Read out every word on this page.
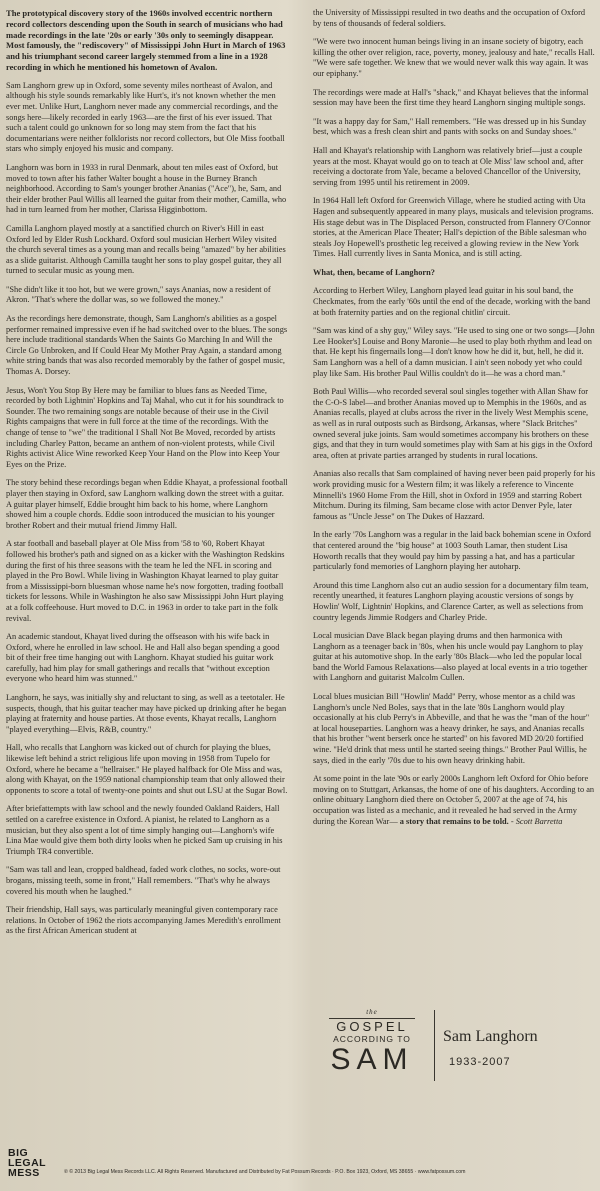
The prototypical discovery story of the 1960s involved eccentric northern record collectors descending upon the South in search of musicians who had made recordings in the late '20s or early '30s only to seemingly disappear. Most famously, the "rediscovery" of Mississippi John Hurt in March of 1963 and his triumphant second career largely stemmed from a line in a 1928 recording in which he mentioned his hometown of Avalon.

Sam Langhorn grew up in Oxford, some seventy miles northeast of Avalon, and although his style sounds remarkably like Hurt's, it's not known whether the men ever met. Unlike Hurt, Langhorn never made any commercial recordings, and the songs here—likely recorded in early 1963—are the first of his ever issued. That such a talent could go unknown for so long may stem from the fact that his documentarians were neither folklorists nor record collectors, but Ole Miss football stars who simply enjoyed his music and company.

Langhorn was born in 1933 in rural Denmark, about ten miles east of Oxford, but moved to town after his father Walter bought a house in the Burney Branch neighborhood. According to Sam's younger brother Ananias ("Ace"), he, Sam, and their elder brother Paul Willis all learned the guitar from their mother, Camilla, who had in turn learned from her mother, Clarissa Higginbottom.

Camilla Langhorn played mostly at a sanctified church on River's Hill in east Oxford led by Elder Rush Lockhard. Oxford soul musician Herbert Wiley visited the church several times as a young man and recalls being "amazed" by her abilities as a slide guitarist. Although Camilla taught her sons to play gospel guitar, they all turned to secular music as young men.

"She didn't like it too hot, but we were grown," says Ananias, now a resident of Akron. "That's where the dollar was, so we followed the money."

As the recordings here demonstrate, though, Sam Langhorn's abilities as a gospel performer remained impressive even if he had switched over to the blues. The songs here include traditional standards When the Saints Go Marching In and Will the Circle Go Unbroken, and If Could Hear My Mother Pray Again, a standard among white string bands that was also recorded memorably by the father of gospel music, Thomas A. Dorsey.

Jesus, Won't You Stop By Here may be familiar to blues fans as Needed Time, recorded by both Lightnin' Hopkins and Taj Mahal, who cut it for his soundtrack to Sounder. The two remaining songs are notable because of their use in the Civil Rights campaigns that were in full force at the time of the recordings. With the change of tense to "we" the traditional I Shall Not Be Moved, recorded by artists including Charley Patton, became an anthem of non-violent protests, while Civil Rights activist Alice Wine reworked Keep Your Hand on the Plow into Keep Your Eyes on the Prize.

The story behind these recordings began when Eddie Khayat, a professional football player then staying in Oxford, saw Langhorn walking down the street with a guitar. A guitar player himself, Eddie brought him back to his home, where Langhorn showed him a couple chords. Eddie soon introduced the musician to his younger brother Robert and their mutual friend Jimmy Hall.

A star football and baseball player at Ole Miss from '58 to '60, Robert Khayat followed his brother's path and signed on as a kicker with the Washington Redskins during the first of his three seasons with the team he led the NFL in scoring and played in the Pro Bowl. While living in Washington Khayat learned to play guitar from a Mississippi-born bluesman whose name he's now forgotten, trading football tickets for lessons. While in Washington he also saw Mississippi John Hurt playing at a folk coffeehouse. Hurt moved to D.C. in 1963 in order to take part in the folk revival.

An academic standout, Khayat lived during the offseason with his wife back in Oxford, where he enrolled in law school. He and Hall also began spending a good bit of their free time hanging out with Langhorn. Khayat studied his guitar work carefully, had him play for small gatherings and recalls that "without exception everyone who heard him was stunned."

Langhorn, he says, was initially shy and reluctant to sing, as well as a teetotaler. He suspects, though, that his guitar teacher may have picked up drinking after he began playing at fraternity and house parties. At those events, Khayat recalls, Langhorn "played everything—Elvis, R&B, country."

Hall, who recalls that Langhorn was kicked out of church for playing the blues, likewise left behind a strict religious life upon moving in 1958 from Tupelo for Oxford, where he became a "hellraiser." He played halfback for Ole Miss and was, along with Khayat, on the 1959 national championship team that only allowed their opponents to score a total of twenty-one points and shut out LSU at the Sugar Bowl.

After briefattempts with law school and the newly founded Oakland Raiders, Hall settled on a carefree existence in Oxford. A pianist, he related to Langhorn as a musician, but they also spent a lot of time simply hanging out—Langhorn's wife Lina Mae would give them both dirty looks when he picked Sam up cruising in his Triumph TR4 convertible.

"Sam was tall and lean, cropped baldhead, faded work clothes, no socks, wore-out brogans, missing teeth, some in front," Hall remembers. "That's why he always covered his mouth when he laughed."

Their friendship, Hall says, was particularly meaningful given contemporary race relations. In October of 1962 the riots accompanying James Meredith's enrollment as the first African American student at

the University of Mississippi resulted in two deaths and the occupation of Oxford by tens of thousands of federal soldiers.

"We were two innocent human beings living in an insane society of bigotry, each killing the other over religion, race, poverty, money, jealousy and hate," recalls Hall. "We were safe together. We knew that we would never walk this way again. It was our epiphany."

The recordings were made at Hall's "shack," and Khayat believes that the informal session may have been the first time they heard Langhorn singing multiple songs.

"It was a happy day for Sam," Hall remembers. "He was dressed up in his Sunday best, which was a fresh clean shirt and pants with socks on and Sunday shoes."

Hall and Khayat's relationship with Langhorn was relatively brief—just a couple years at the most. Khayat would go on to teach at Ole Miss' law school and, after receiving a doctorate from Yale, became a beloved Chancellor of the University, serving from 1995 until his retirement in 2009.

In 1964 Hall left Oxford for Greenwich Village, where he studied acting with Uta Hagen and subsequently appeared in many plays, musicals and television programs. His stage debut was in The Displaced Person, constructed from Flannery O'Connor stories, at the American Place Theater; Hall's depiction of the Bible salesman who steals Joy Hopewell's prosthetic leg received a glowing review in the New York Times. Hall currently lives in Santa Monica, and is still acting.

What, then, became of Langhorn?

According to Herbert Wiley, Langhorn played lead guitar in his soul band, the Checkmates, from the early '60s until the end of the decade, working with the band at both fraternity parties and on the regional chitlin' circuit.

"Sam was kind of a shy guy," Wiley says. "He used to sing one or two songs—[John Lee Hooker's] Louise and Bony Maronie—he used to play both rhythm and lead on that. He kept his fingernails long—I don't know how he did it, but, hell, he did it. Sam Langhorn was a hell of a damn musician. I ain't seen nobody yet who could play like Sam. His brother Paul Willis couldn't do it—he was a chord man."

Both Paul Willis—who recorded several soul singles together with Allan Shaw for the C-O-S label—and brother Ananias moved up to Memphis in the 1960s, and as Ananias recalls, played at clubs across the river in the lively West Memphis scene, as well as in rural outposts such as Birdsong, Arkansas, where "Slack Britches" owned several juke joints. Sam would sometimes accompany his brothers on these gigs, and that they in turn would sometimes play with Sam at his gigs in the Oxford area, often at private parties arranged by students in rural locations.

Ananias also recalls that Sam complained of having never been paid properly for his work providing music for a Western film; it was likely a reference to Vincente Minnelli's 1960 Home From the Hill, shot in Oxford in 1959 and starring Robert Mitchum. During its filming, Sam became close with actor Denver Pyle, later famous as "Uncle Jesse" on The Dukes of Hazzard.

In the early '70s Langhorn was a regular in the laid back bohemian scene in Oxford that centered around the "big house" at 1003 South Lamar, then student Lisa Howorth recalls that they would pay him by passing a hat, and has a particular particularly fond memories of Langhorn playing her autoharp.

Around this time Langhorn also cut an audio session for a documentary film team, recently unearthed, it features Langhorn playing acoustic versions of songs by Howlin' Wolf, Lightnin' Hopkins, and Clarence Carter, as well as selections from country legends Jimmie Rodgers and Charley Pride.

Local musician Dave Black began playing drums and then harmonica with Langhorn as a teenager back in '80s, when his uncle would pay Langhorn to play guitar at his automotive shop. In the early '80s Black—who led the popular local band the World Famous Relaxations—also played at local events in a trio together with Langhorn and guitarist Malcolm Cullen.

Local blues musician Bill "Howlin' Madd" Perry, whose mentor as a child was Langhorn's uncle Ned Boles, says that in the late '80s Langhorn would play occasionally at his club Perry's in Abbeville, and that he was the "man of the hour" at local houseparties. Langhorn was a heavy drinker, he says, and Ananias recalls that his brother "went berserk once he started" on his favored MD 20/20 fortified wine. "He'd drink that mess until he started seeing things." Brother Paul Willis, he says, died in the early '70s due to his own heavy drinking habit.

At some point in the late '90s or early 2000s Langhorn left Oxford for Ohio before moving on to Stuttgart, Arkansas, the home of one of his daughters. According to an online obituary Langhorn died there on October 5, 2007 at the age of 74, his occupation was listed as a mechanic, and it revealed he had served in the Army during the Korean War— a story that remains to be told. - Scott Barretta

the
GOSPEL
ACCORDING TO
SAM
Sam Langhorn
1933-2007
BIG
LEGAL
MESS	℗ © 2013 Big Legal Mess Records LLC. All Rights Reserved. Manufactured and Distributed by Fat Possum Records · P.O. Box 1923, Oxford, MS 38655 · www.fatpossum.com
